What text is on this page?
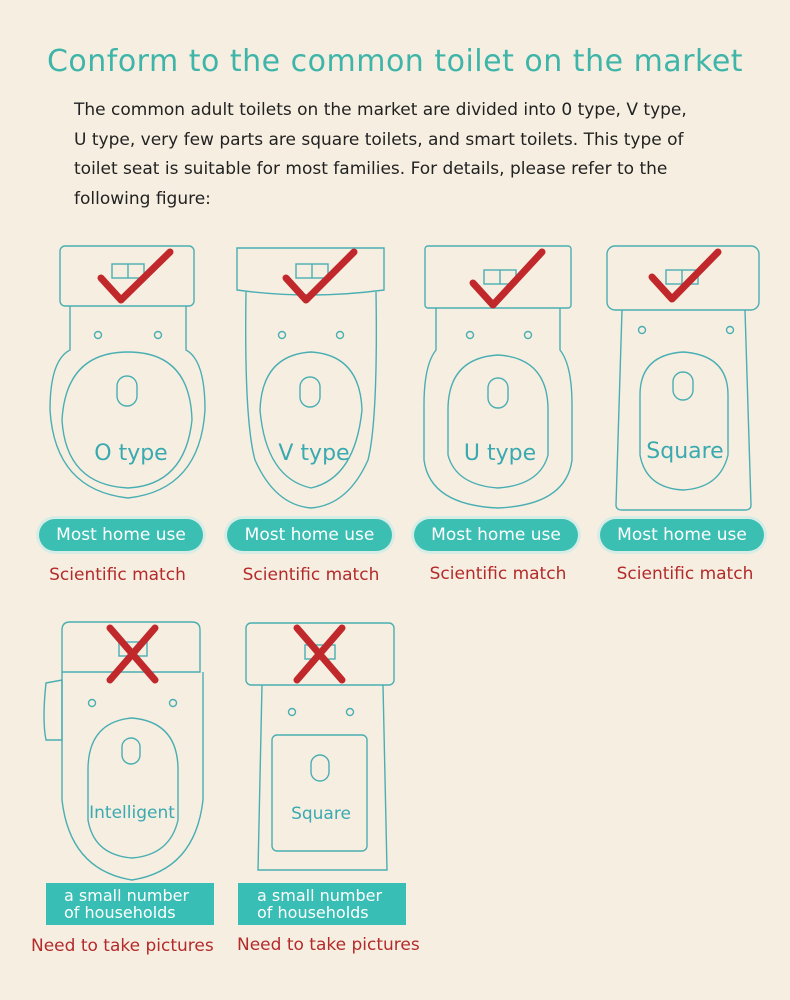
Conform to the common toilet on the market
The common adult toilets on the market are divided into 0 type, V type,
U type, very few parts are square toilets, and smart toilets. This type of
toilet seat is suitable for most families. For details, please refer to the
following figure:
O type	V type	U type	Square
Intelligent	Square
Most home use	Most home use	Most home use	Most home use
Scientific match	Scientific match	Scientific match	Scientific match
a small number
of households
a small number
of households
Need to take pictures Need to take pictures
